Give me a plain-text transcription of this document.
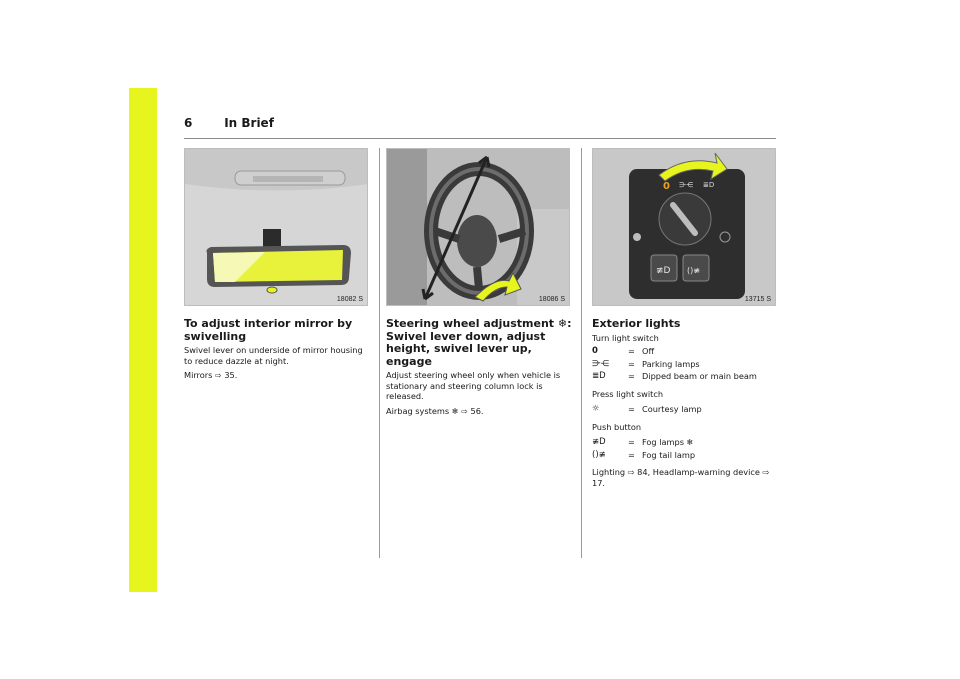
6	In Brief
18082 S	18086 S
0 ⋺⋲ ≣D
≢D ()≢
13715 S
To adjust interior mirror by swivelling

Swivel lever on underside of mirror housing to reduce dazzle at night.

Mirrors ⇨ 35.

Steering wheel adjustment ❄: Swivel lever down, adjust height, swivel lever up, engage

Adjust steering wheel only when vehicle is stationary and steering column lock is released.

Airbag systems ❄ ⇨ 56.

Exterior lights

Turn light switch

0	= Off
⋺⋲	= Parking lamps
≣D	= Dipped beam or main beam

Press light switch

☼	= Courtesy lamp

Push button

≢D	= Fog lamps ❄
()≢	= Fog tail lamp

Lighting ⇨ 84, Headlamp-warning device ⇨ 17.
